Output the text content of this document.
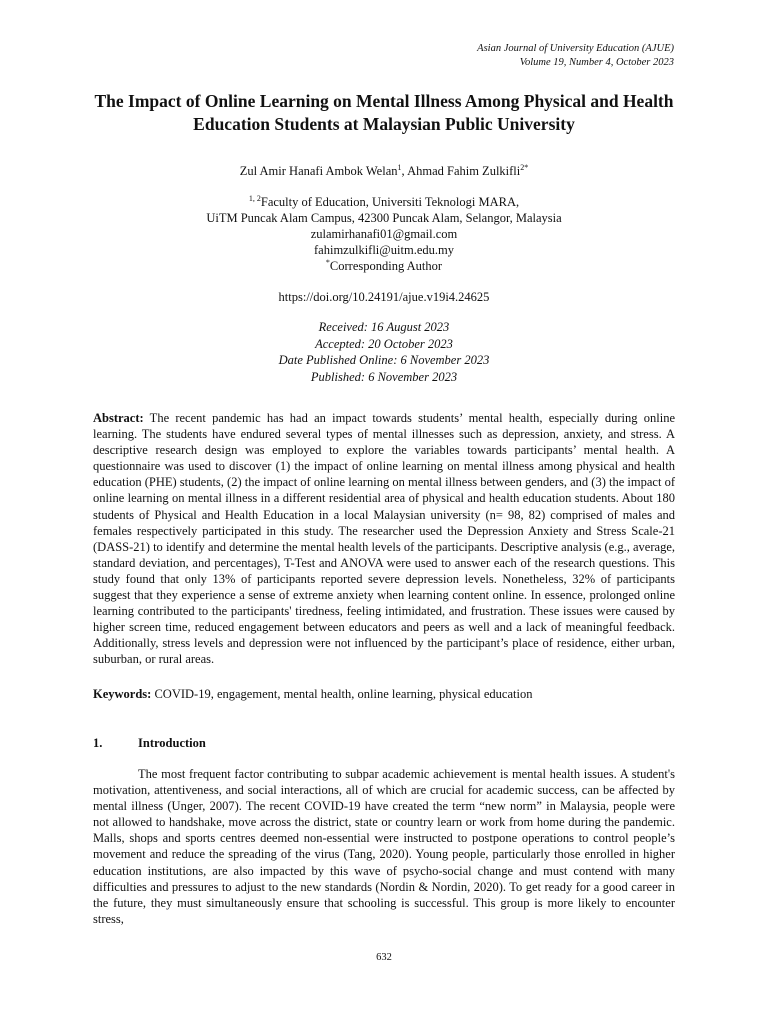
Asian Journal of University Education (AJUE)
Volume 19, Number 4, October 2023
The Impact of Online Learning on Mental Illness Among Physical and Health Education Students at Malaysian Public University
Zul Amir Hanafi Ambok Welan$^1$, Ahmad Fahim Zulkifli$^{2*}$
$^{1, 2}$Faculty of Education, Universiti Teknologi MARA,
UiTM Puncak Alam Campus, 42300 Puncak Alam, Selangor, Malaysia
zulamirhanafi01@gmail.com
fahimzulkifli@uitm.edu.my
*Corresponding Author
https://doi.org/10.24191/ajue.v19i4.24625
Received: 16 August 2023
Accepted: 20 October 2023
Date Published Online: 6 November 2023
Published: 6 November 2023
Abstract: The recent pandemic has had an impact towards students’ mental health, especially during online learning. The students have endured several types of mental illnesses such as depression, anxiety, and stress. A descriptive research design was employed to explore the variables towards participants’ mental health. A questionnaire was used to discover (1) the impact of online learning on mental illness among physical and health education (PHE) students, (2) the impact of online learning on mental illness between genders, and (3) the impact of online learning on mental illness in a different residential area of physical and health education students. About 180 students of Physical and Health Education in a local Malaysian university (n= 98, 82) comprised of males and females respectively participated in this study. The researcher used the Depression Anxiety and Stress Scale-21 (DASS-21) to identify and determine the mental health levels of the participants. Descriptive analysis (e.g., average, standard deviation, and percentages), T-Test and ANOVA were used to answer each of the research questions. This study found that only 13% of participants reported severe depression levels. Nonetheless, 32% of participants suggest that they experience a sense of extreme anxiety when learning content online. In essence, prolonged online learning contributed to the participants' tiredness, feeling intimidated, and frustration. These issues were caused by higher screen time, reduced engagement between educators and peers as well and a lack of meaningful feedback. Additionally, stress levels and depression were not influenced by the participant’s place of residence, either urban, suburban, or rural areas.
Keywords: COVID-19, engagement, mental health, online learning, physical education
1.	Introduction
The most frequent factor contributing to subpar academic achievement is mental health issues. A student's motivation, attentiveness, and social interactions, all of which are crucial for academic success, can be affected by mental illness (Unger, 2007). The recent COVID-19 have created the term “new norm” in Malaysia, people were not allowed to handshake, move across the district, state or country learn or work from home during the pandemic. Malls, shops and sports centres deemed non-essential were instructed to postpone operations to control people’s movement and reduce the spreading of the virus (Tang, 2020). Young people, particularly those enrolled in higher education institutions, are also impacted by this wave of psycho-social change and must contend with many difficulties and pressures to adjust to the new standards (Nordin & Nordin, 2020). To get ready for a good career in the future, they must simultaneously ensure that schooling is successful. This group is more likely to encounter stress,
632
